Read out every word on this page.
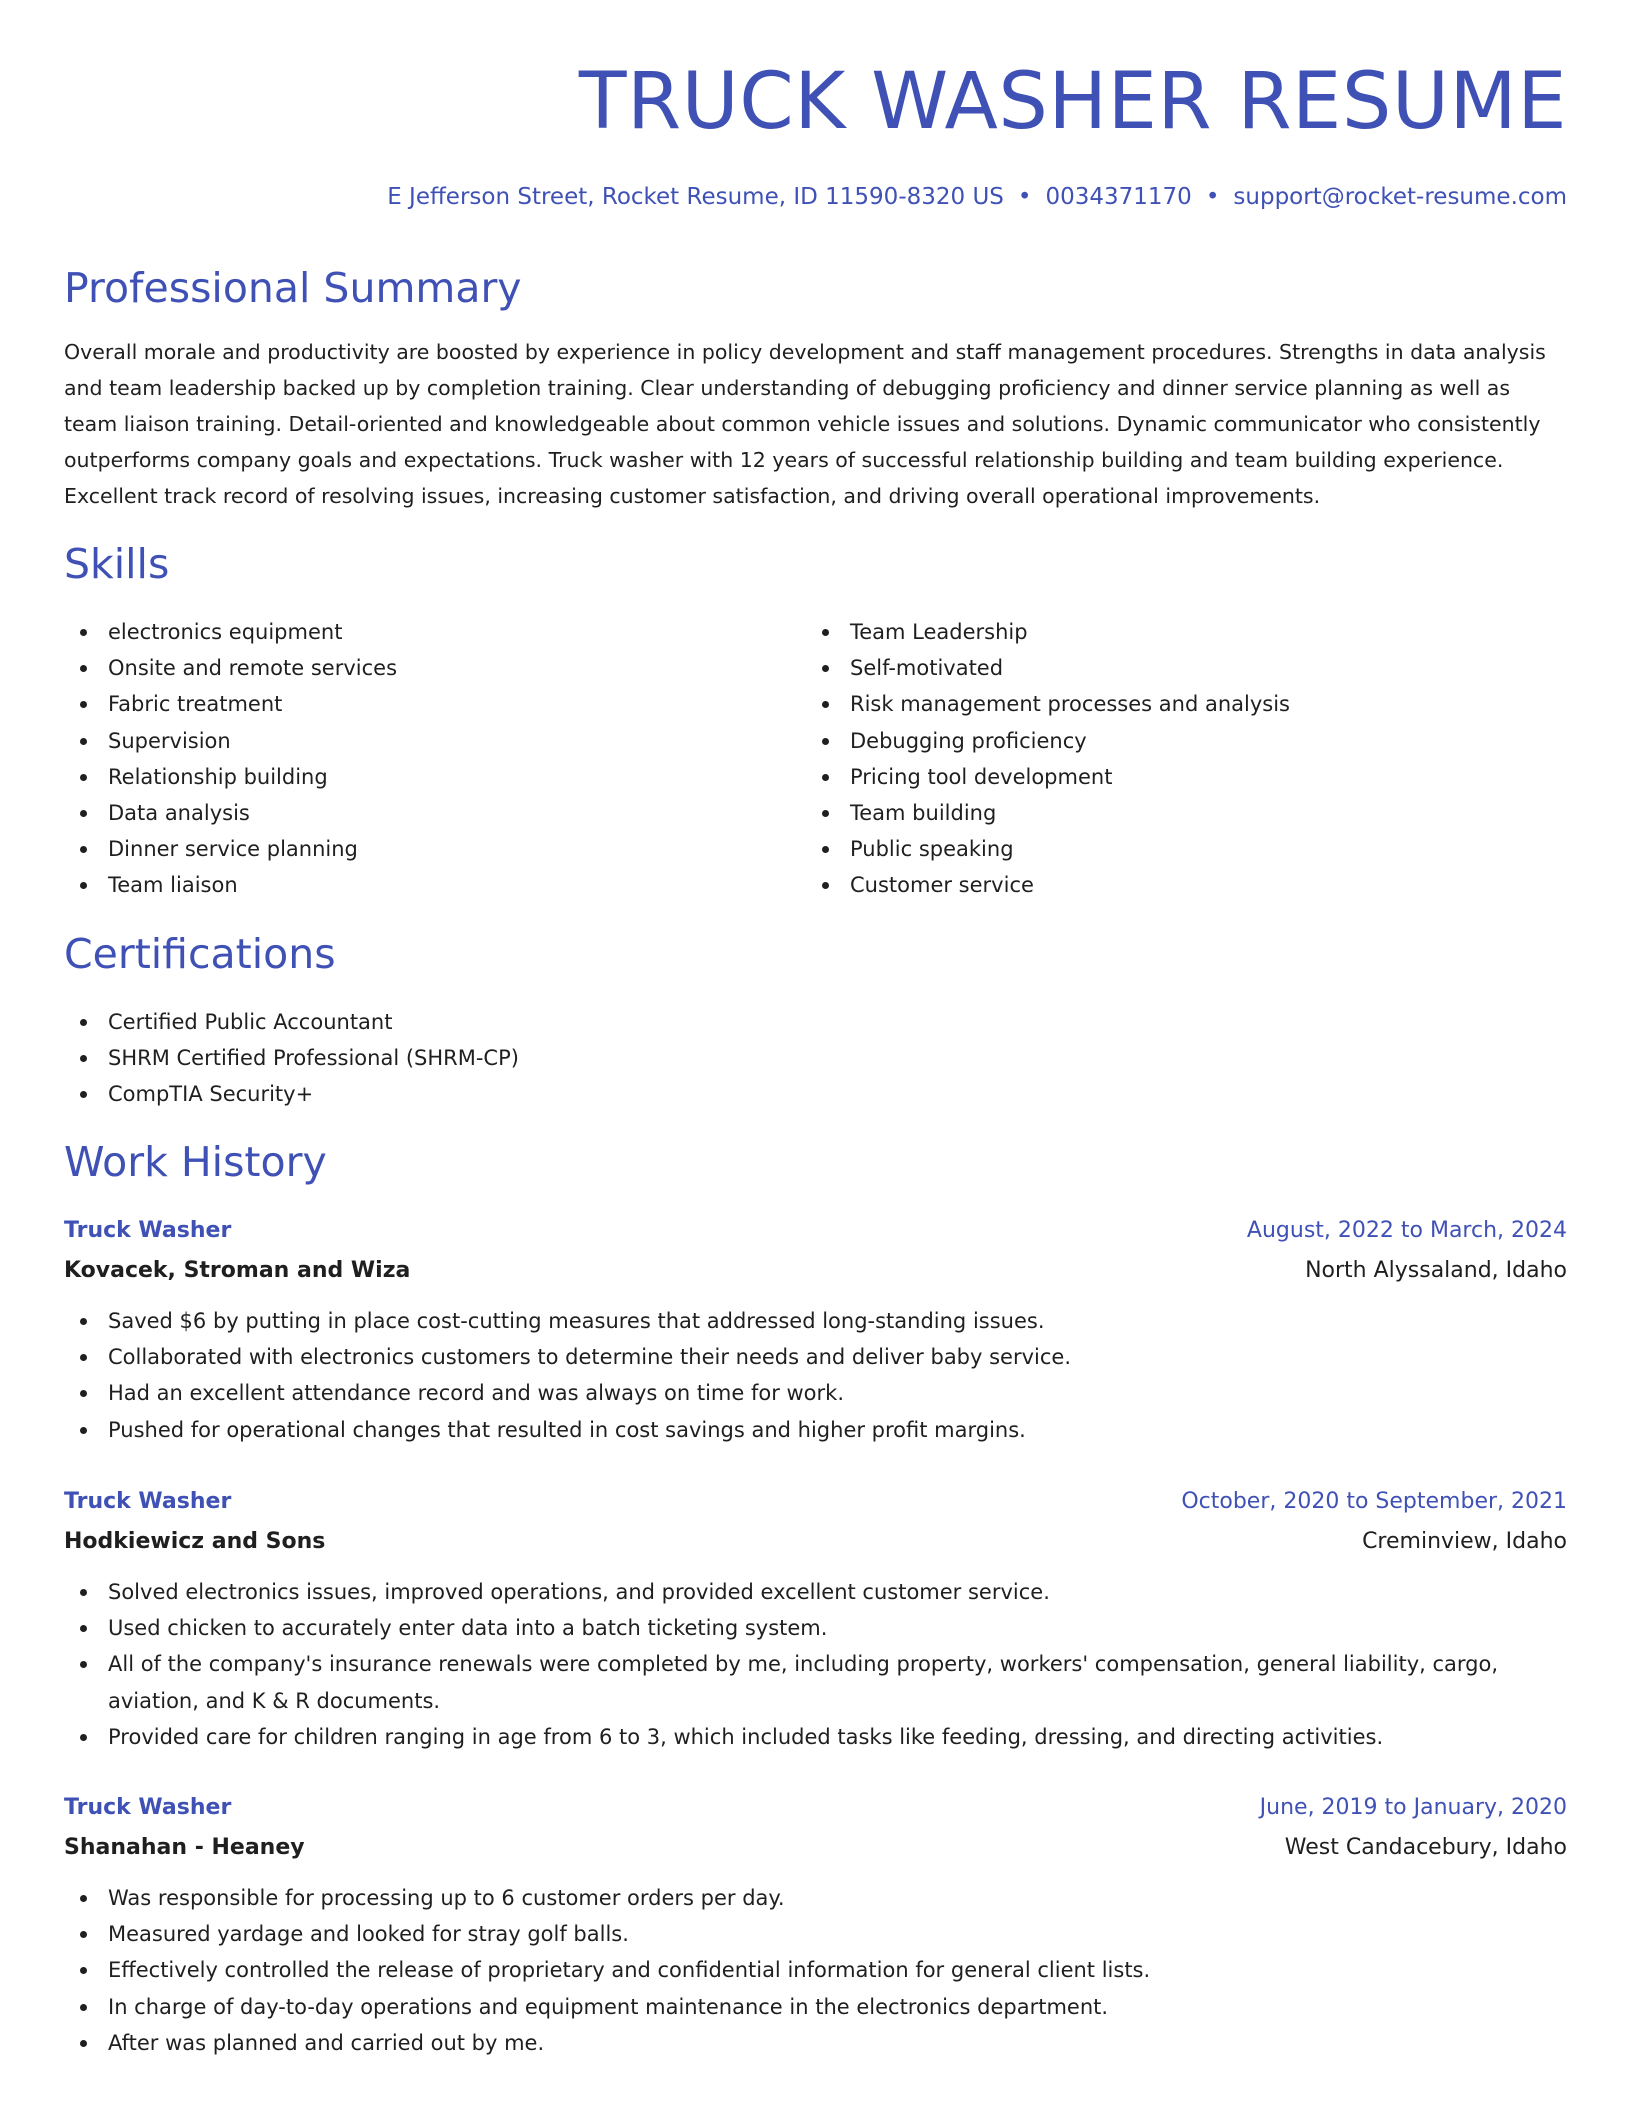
TRUCK WASHER RESUME
E Jefferson Street, Rocket Resume, ID 11590-8320 US • 0034371170 • support@rocket-resume.com
Professional Summary

Overall morale and productivity are boosted by experience in policy development and staff management procedures. Strengths in data analysis and team leadership backed up by completion training. Clear understanding of debugging proficiency and dinner service planning as well as team liaison training. Detail-oriented and knowledgeable about common vehicle issues and solutions. Dynamic communicator who consistently outperforms company goals and expectations. Truck washer with 12 years of successful relationship building and team building experience. Excellent track record of resolving issues, increasing customer satisfaction, and driving overall operational improvements.

Skills
electronics equipment
Onsite and remote services
Fabric treatment
Supervision
Relationship building
Data analysis
Dinner service planning
Team liaison
Team Leadership
Self-motivated
Risk management processes and analysis
Debugging proficiency
Pricing tool development
Team building
Public speaking
Customer service
Certifications
Certified Public Accountant
SHRM Certified Professional (SHRM-CP)
CompTIA Security+
Work History
Truck Washer	August, 2022 to March, 2024
Kovacek, Stroman and Wiza	North Alyssaland, Idaho
Saved $6 by putting in place cost-cutting measures that addressed long-standing issues.
Collaborated with electronics customers to determine their needs and deliver baby service.
Had an excellent attendance record and was always on time for work.
Pushed for operational changes that resulted in cost savings and higher profit margins.
Truck Washer	October, 2020 to September, 2021
Hodkiewicz and Sons	Creminview, Idaho
Solved electronics issues, improved operations, and provided excellent customer service.
Used chicken to accurately enter data into a batch ticketing system.
All of the company's insurance renewals were completed by me, including property, workers' compensation, general liability, cargo, aviation, and K & R documents.
Provided care for children ranging in age from 6 to 3, which included tasks like feeding, dressing, and directing activities.
Truck Washer	June, 2019 to January, 2020
Shanahan - Heaney	West Candacebury, Idaho
Was responsible for processing up to 6 customer orders per day.
Measured yardage and looked for stray golf balls.
Effectively controlled the release of proprietary and confidential information for general client lists.
In charge of day-to-day operations and equipment maintenance in the electronics department.
After was planned and carried out by me.
